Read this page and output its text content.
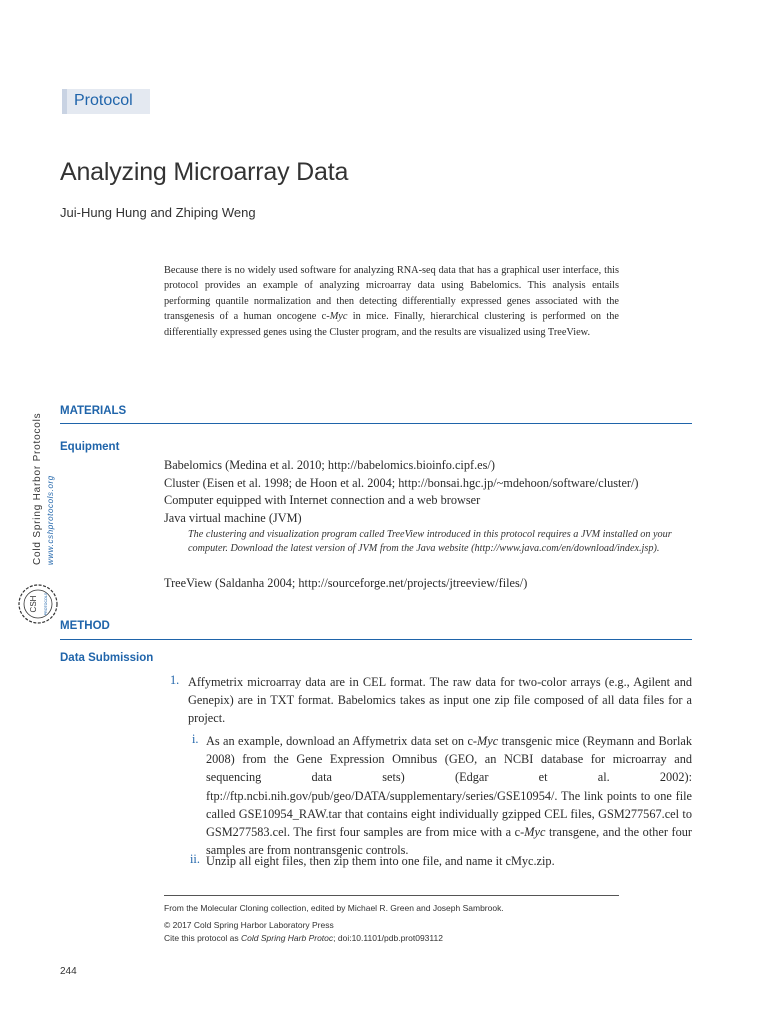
Protocol
Analyzing Microarray Data
Jui-Hung Hung and Zhiping Weng
Because there is no widely used software for analyzing RNA-seq data that has a graphical user interface, this protocol provides an example of analyzing microarray data using Babelomics. This analysis entails performing quantile normalization and then detecting differentially expressed genes associated with the transgenesis of a human oncogene c-Myc in mice. Finally, hierarchical clustering is performed on the differentially expressed genes using the Cluster program, and the results are visualized using TreeView.
Cold Spring Harbor Protocols www.cshprotocols.org
CSH PROTOCOLS
MATERIALS
Equipment
Babelomics (Medina et al. 2010; http://babelomics.bioinfo.cipf.es/)
Cluster (Eisen et al. 1998; de Hoon et al. 2004; http://bonsai.hgc.jp/~mdehoon/software/cluster/)
Computer equipped with Internet connection and a web browser
Java virtual machine (JVM)
The clustering and visualization program called TreeView introduced in this protocol requires a JVM installed on your computer. Download the latest version of JVM from the Java website (http://www.java.com/en/download/index.jsp).
TreeView (Saldanha 2004; http://sourceforge.net/projects/jtreeview/files/)
METHOD
Data Submission
1. Affymetrix microarray data are in CEL format. The raw data for two-color arrays (e.g., Agilent and Genepix) are in TXT format. Babelomics takes as input one zip file composed of all data files for a project.
i. As an example, download an Affymetrix data set on c-Myc transgenic mice (Reymann and Borlak 2008) from the Gene Expression Omnibus (GEO, an NCBI database for microarray and sequencing data sets) (Edgar et al. 2002): ftp://ftp.ncbi.nih.gov/pub/geo/DATA/supplementary/series/GSE10954/. The link points to one file called GSE10954_RAW.tar that contains eight individually gzipped CEL files, GSM277567.cel to GSM277583.cel. The first four samples are from mice with a c-Myc transgene, and the other four samples are from nontransgenic controls.
ii. Unzip all eight files, then zip them into one file, and name it cMyc.zip.
From the Molecular Cloning collection, edited by Michael R. Green and Joseph Sambrook.
© 2017 Cold Spring Harbor Laboratory Press
Cite this protocol as Cold Spring Harb Protoc; doi:10.1101/pdb.prot093112
244
